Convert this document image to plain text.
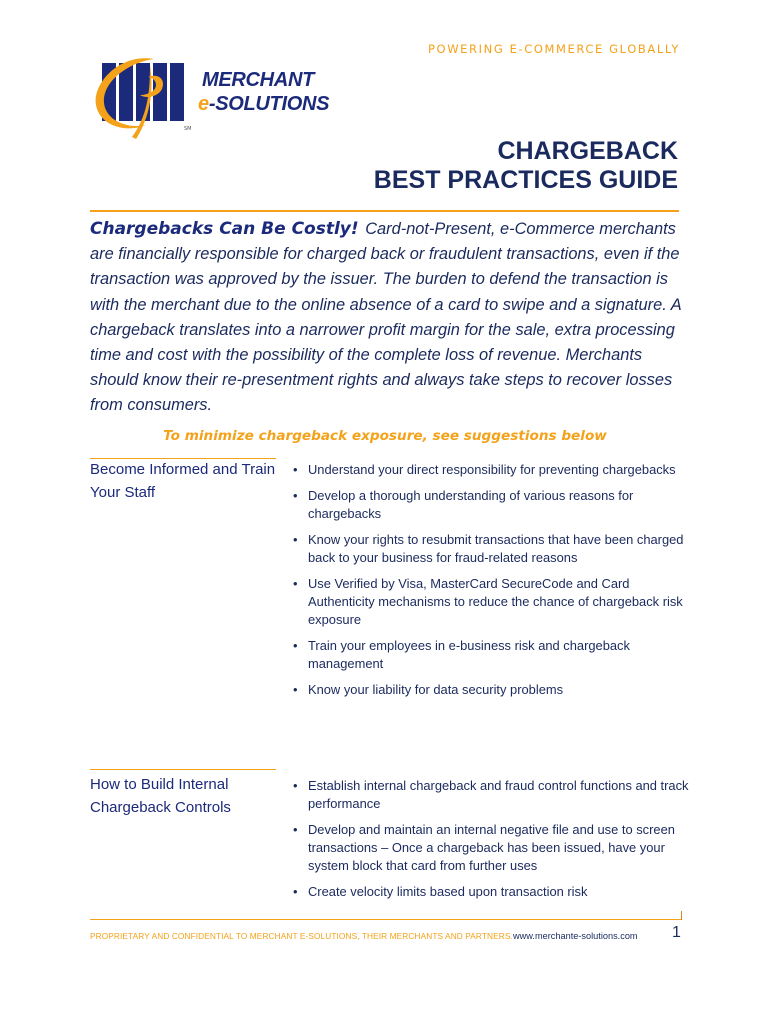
POWERING E-COMMERCE GLOBALLY
MERCHANT
e-SOLUTIONS
SM
CHARGEBACK
BEST PRACTICES GUIDE
Chargebacks Can Be Costly! Card-not-Present, e-Commerce merchants are financially responsible for charged back or fraudulent transactions, even if the transaction was approved by the issuer. The burden to defend the transaction is with the merchant due to the online absence of a card to swipe and a signature. A chargeback translates into a narrower profit margin for the sale, extra processing time and cost with the possibility of the complete loss of revenue. Merchants should know their re-presentment rights and always take steps to recover losses from consumers.
To minimize chargeback exposure, see suggestions below
Become Informed and Train Your Staff
• Understand your direct responsibility for preventing chargebacks
• Develop a thorough understanding of various reasons for chargebacks
• Know your rights to resubmit transactions that have been charged back to your business for fraud-related reasons
• Use Verified by Visa, MasterCard SecureCode and Card Authenticity mechanisms to reduce the chance of chargeback risk exposure
• Train your employees in e-business risk and chargeback management
• Know your liability for data security problems
How to Build Internal Chargeback Controls
• Establish internal chargeback and fraud control functions and track performance
• Develop and maintain an internal negative file and use to screen transactions – Once a chargeback has been issued, have your system block that card from further uses
• Create velocity limits based upon transaction risk
PROPRIETARY AND CONFIDENTIAL TO MERCHANT E-SOLUTIONS, THEIR MERCHANTS AND PARTNERS. www.merchante-solutions.com 1
